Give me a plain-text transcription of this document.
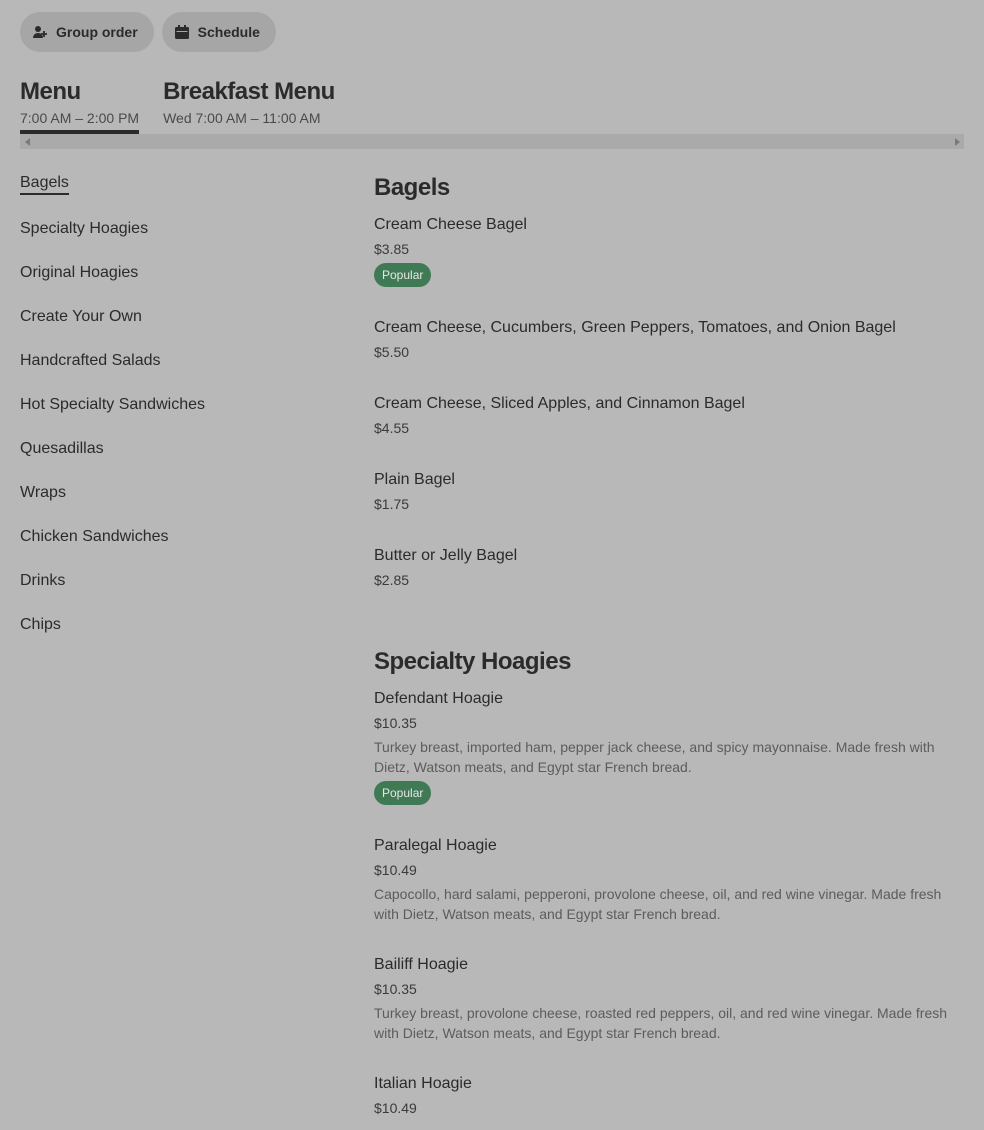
Group order	Schedule
Menu
7:00 AM – 2:00 PM
Breakfast Menu
Wed 7:00 AM – 11:00 AM
Bagels
Specialty Hoagies
Original Hoagies
Create Your Own
Handcrafted Salads
Hot Specialty Sandwiches
Quesadillas
Wraps
Chicken Sandwiches
Drinks
Chips
Bagels
Cream Cheese Bagel
$3.85
Popular
Cream Cheese, Cucumbers, Green Peppers, Tomatoes, and Onion Bagel
$5.50
Cream Cheese, Sliced Apples, and Cinnamon Bagel
$4.55
Plain Bagel
$1.75
Butter or Jelly Bagel
$2.85
Specialty Hoagies
Defendant Hoagie
$10.35
Turkey breast, imported ham, pepper jack cheese, and spicy mayonnaise. Made fresh with Dietz, Watson meats, and Egypt star French bread.
Popular
Paralegal Hoagie
$10.49
Capocollo, hard salami, pepperoni, provolone cheese, oil, and red wine vinegar. Made fresh with Dietz, Watson meats, and Egypt star French bread.
Bailiff Hoagie
$10.35
Turkey breast, provolone cheese, roasted red peppers, oil, and red wine vinegar. Made fresh with Dietz, Watson meats, and Egypt star French bread.
Italian Hoagie
$10.49
